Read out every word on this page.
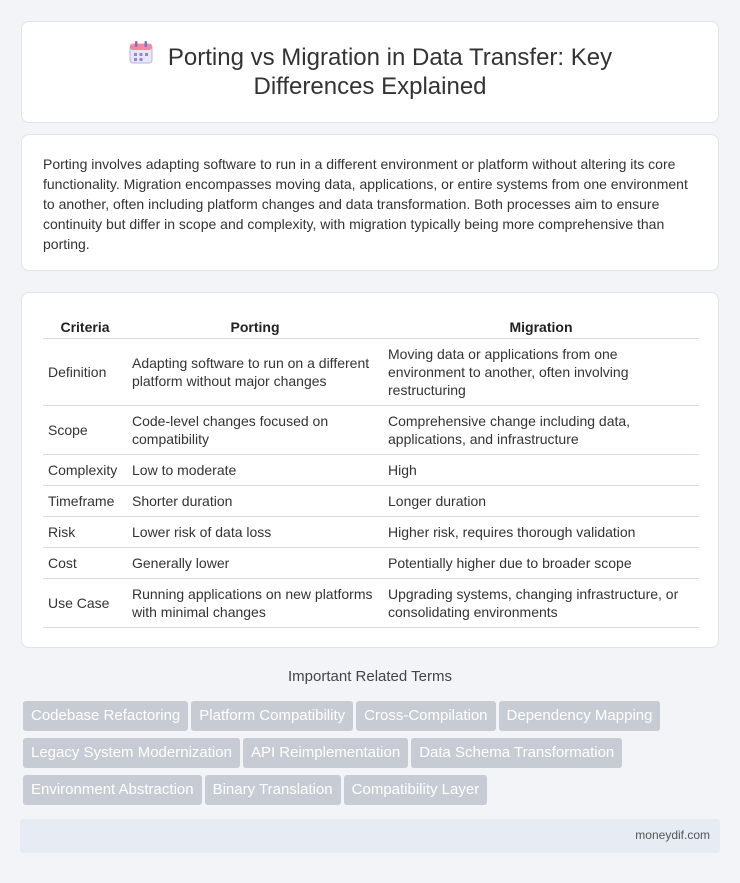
Porting vs Migration in Data Transfer: Key Differences Explained

Porting involves adapting software to run in a different environment or platform without altering its core functionality. Migration encompasses moving data, applications, or entire systems from one environment to another, often including platform changes and data transformation. Both processes aim to ensure continuity but differ in scope and complexity, with migration typically being more comprehensive than porting.

Criteria	Porting	Migration
Definition	Adapting software to run on a different platform without major changes	Moving data or applications from one environment to another, often involving restructuring
Scope	Code-level changes focused on compatibility	Comprehensive change including data, applications, and infrastructure
Complexity	Low to moderate	High
Timeframe	Shorter duration	Longer duration
Risk	Lower risk of data loss	Higher risk, requires thorough validation
Cost	Generally lower	Potentially higher due to broader scope
Use Case	Running applications on new platforms with minimal changes	Upgrading systems, changing infrastructure, or consolidating environments
Important Related Terms
Codebase Refactoring Platform Compatibility Cross-Compilation Dependency MappingLegacy System Modernization API Reimplementation Data Schema TransformationEnvironment Abstraction Binary Translation Compatibility Layer
moneydif.com
